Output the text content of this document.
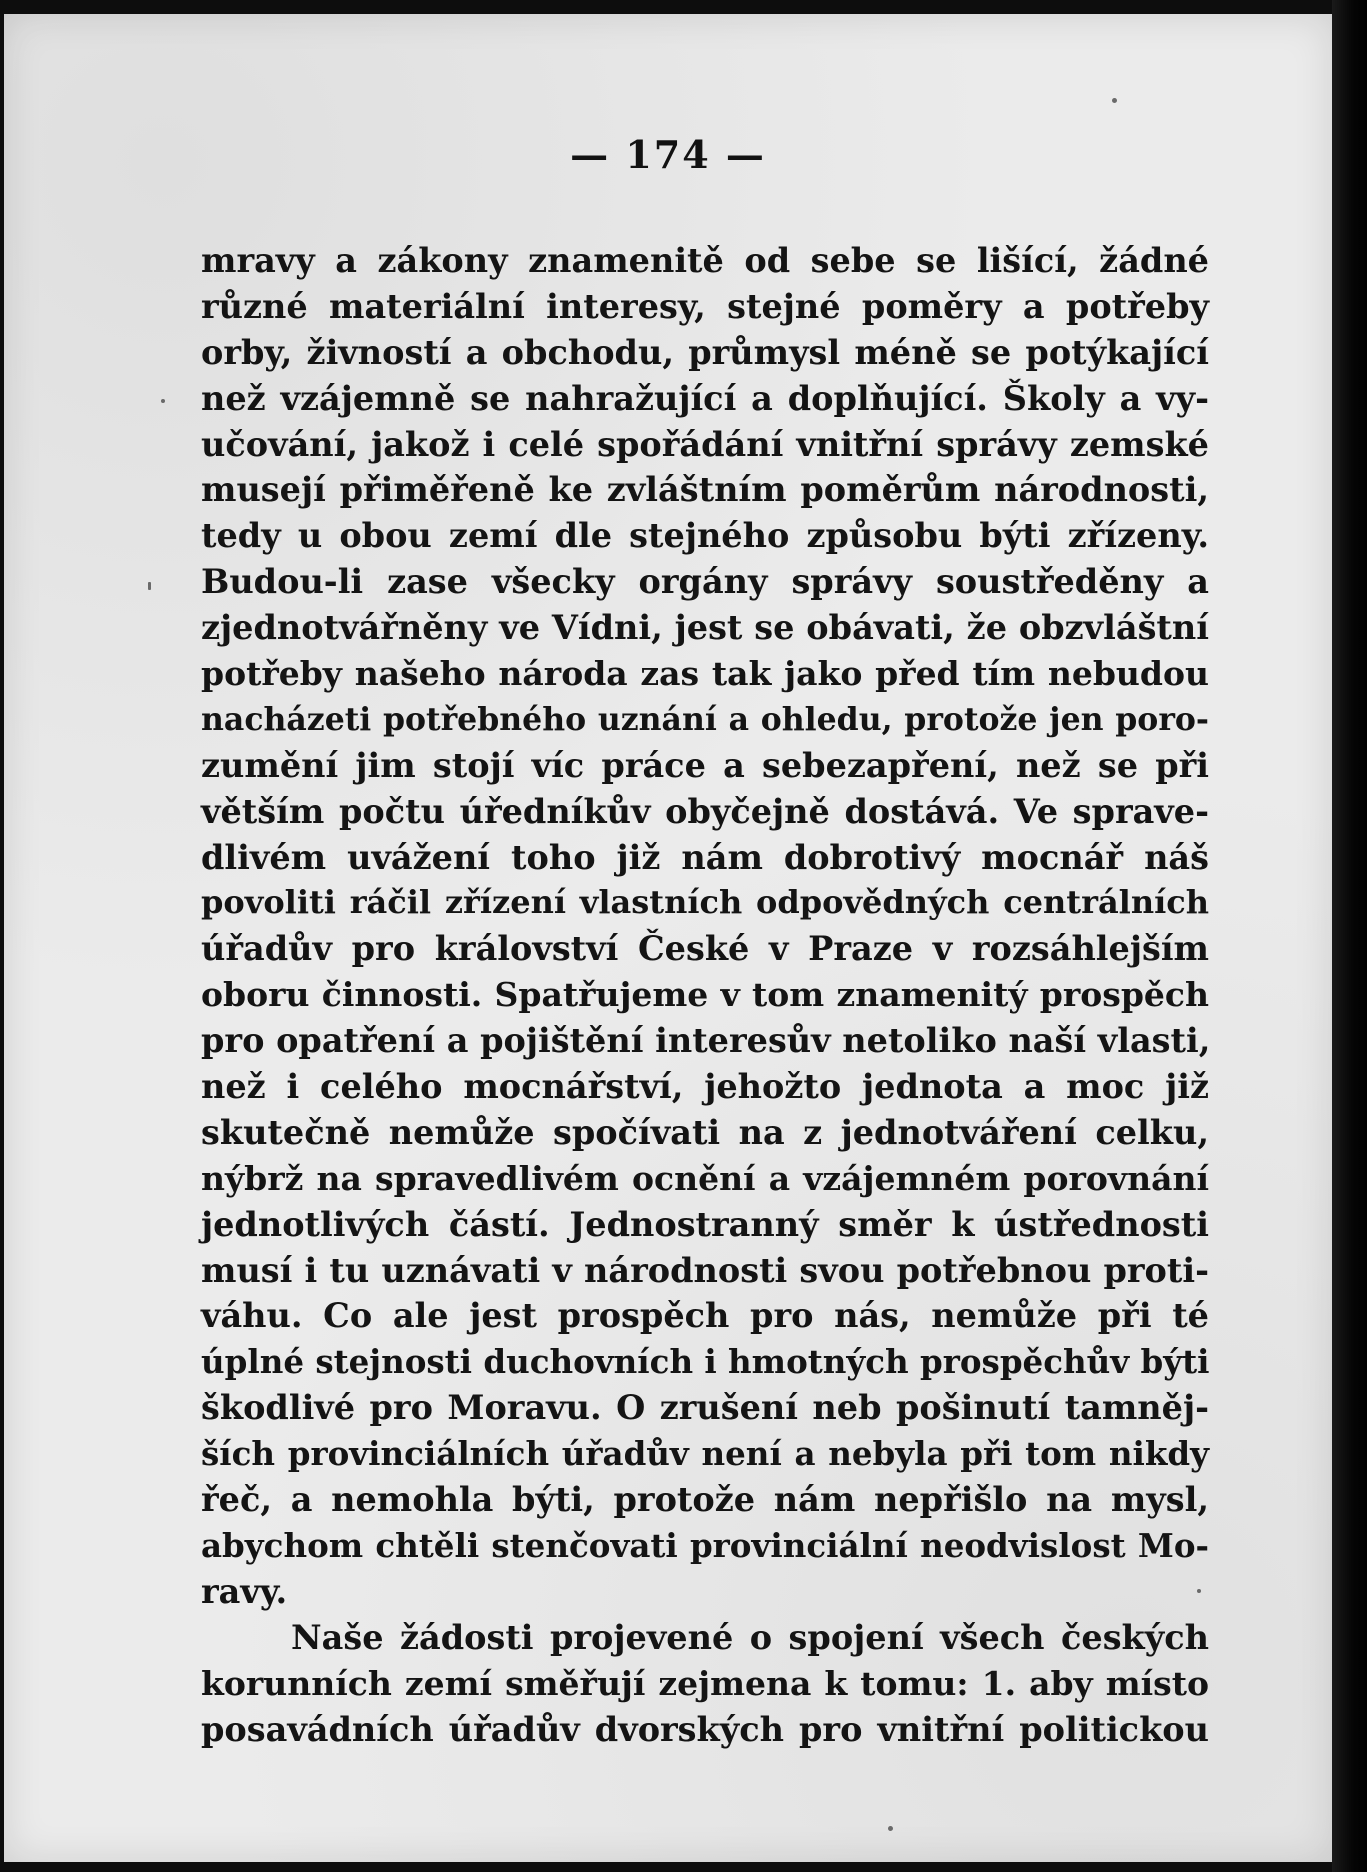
— 174 —
mravy a zákony znamenitě od sebe se lišící, žádné
různé materiální interesy, stejné poměry a potřeby
orby, živností a obchodu, průmysl méně se potýkající
než vzájemně se nahražující a doplňující. Školy a vy-
učování, jakož i celé spořádání vnitřní správy zemské
musejí přiměřeně ke zvláštním poměrům národnosti,
tedy u obou zemí dle stejného způsobu býti zřízeny.
Budou-li zase všecky orgány správy soustředěny a
zjednotvářněny ve Vídni, jest se obávati, že obzvláštní
potřeby našeho národa zas tak jako před tím nebudou
nacházeti potřebného uznání a ohledu, protože jen poro-
zumění jim stojí víc práce a sebezapření, než se při
větším počtu úředníkův obyčejně dostává. Ve sprave-
dlivém uvážení toho již nám dobrotivý mocnář náš
povoliti ráčil zřízení vlastních odpovědných centrálních
úřadův pro království České v Praze v rozsáhlejším
oboru činnosti. Spatřujeme v tom znamenitý prospěch
pro opatření a pojištění interesův netoliko naší vlasti,
než i celého mocnářství, jehožto jednota a moc již
skutečně nemůže spočívati na z jednotváření celku,
nýbrž na spravedlivém ocnění a vzájemném porovnání
jednotlivých částí. Jednostranný směr k ústřednosti
musí i tu uznávati v národnosti svou potřebnou proti-
váhu. Co ale jest prospěch pro nás, nemůže při té
úplné stejnosti duchovních i hmotných prospěchův býti
škodlivé pro Moravu. O zrušení neb pošinutí tamněj-
ších provinciálních úřadův není a nebyla při tom nikdy
řeč, a nemohla býti, protože nám nepřišlo na mysl,
abychom chtěli stenčovati provinciální neodvislost Mo-
ravy.
Naše žádosti projevené o spojení všech českých
korunních zemí směřují zejmena k tomu: 1. aby místo
posavádních úřadův dvorských pro vnitřní politickou
